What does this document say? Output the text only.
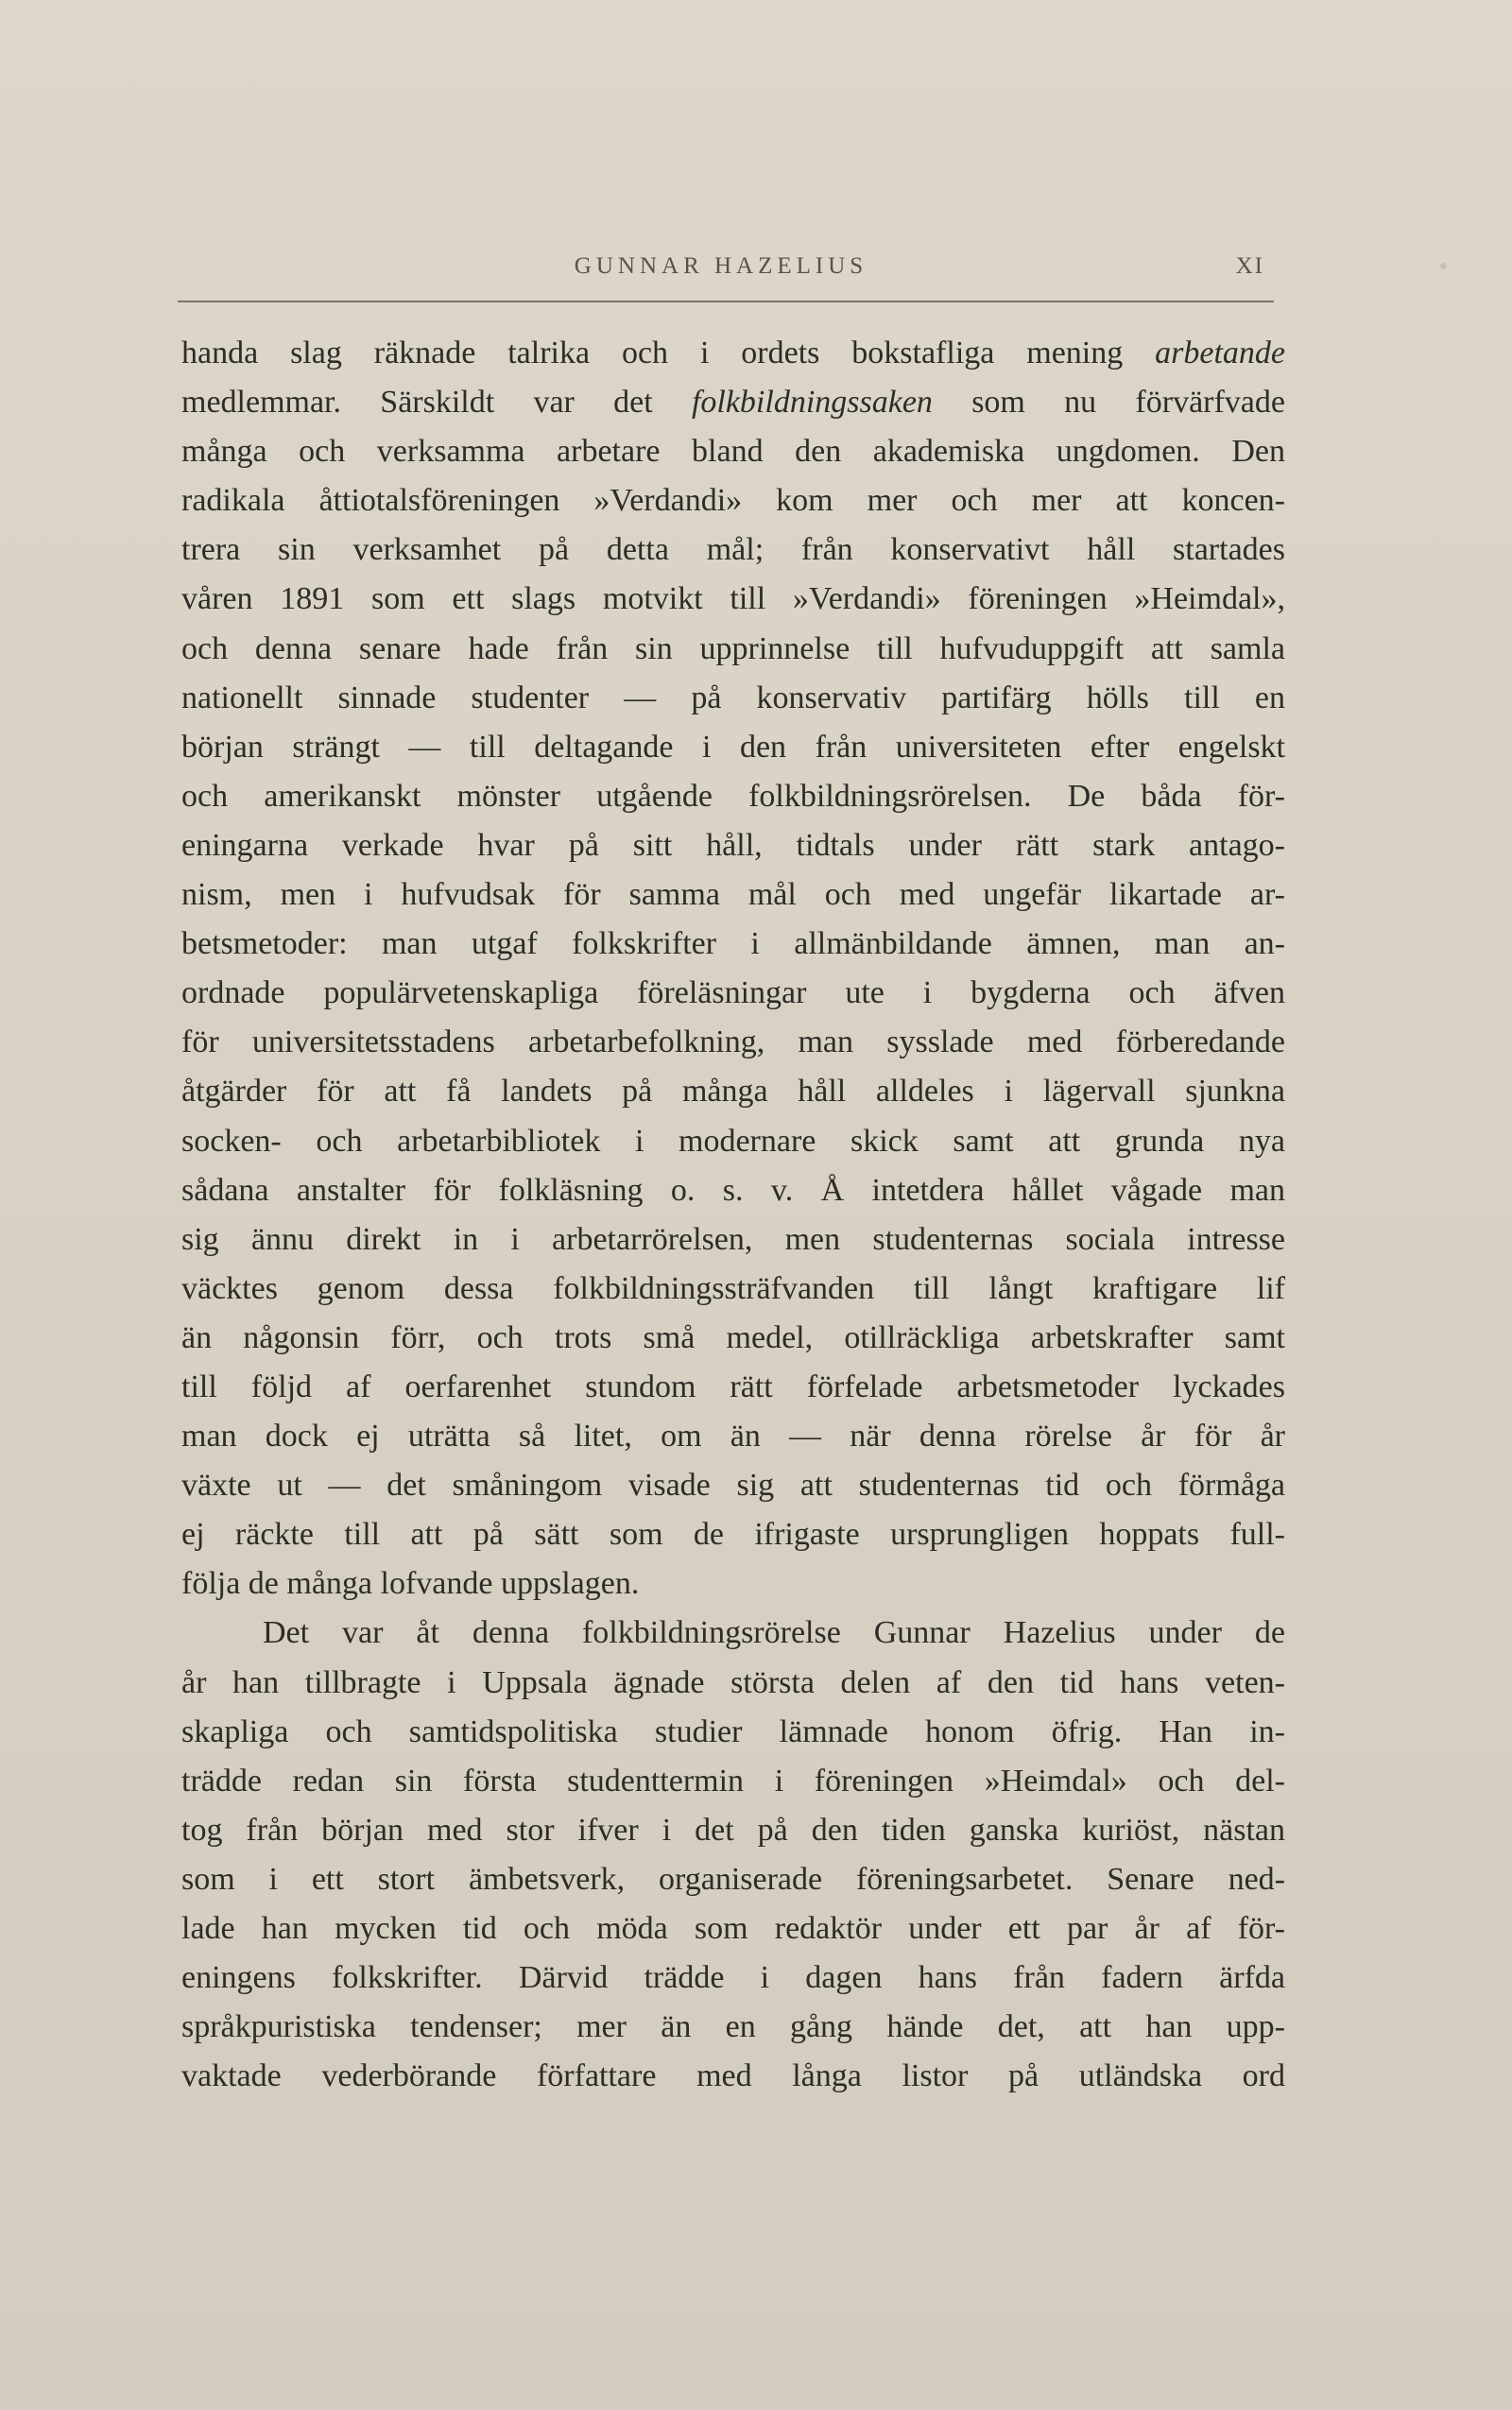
GUNNAR HAZELIUS	XI
handa slag räknade talrika och i ordets bokstafliga mening arbetande
medlemmar. Särskildt var det folkbildningssaken som nu förvärfvade
många och verksamma arbetare bland den akademiska ungdomen. Den
radikala åttiotalsföreningen »Verdandi» kom mer och mer att koncen-
trera sin verksamhet på detta mål; från konservativt håll startades
våren 1891 som ett slags motvikt till »Verdandi» föreningen »Heimdal»,
och denna senare hade från sin upprinnelse till hufvuduppgift att samla
nationellt sinnade studenter — på konservativ partifärg hölls till en
början strängt — till deltagande i den från universiteten efter engelskt
och amerikanskt mönster utgående folkbildningsrörelsen. De båda för-
eningarna verkade hvar på sitt håll, tidtals under rätt stark antago-
nism, men i hufvudsak för samma mål och med ungefär likartade ar-
betsmetoder: man utgaf folkskrifter i allmänbildande ämnen, man an-
ordnade populärvetenskapliga föreläsningar ute i bygderna och äfven
för universitetsstadens arbetarbefolkning, man sysslade med förberedande
åtgärder för att få landets på många håll alldeles i lägervall sjunkna
socken- och arbetarbibliotek i modernare skick samt att grunda nya
sådana anstalter för folkläsning o. s. v. Å intetdera hållet vågade man
sig ännu direkt in i arbetarrörelsen, men studenternas sociala intresse
väcktes genom dessa folkbildningssträfvanden till långt kraftigare lif
än någonsin förr, och trots små medel, otillräckliga arbetskrafter samt
till följd af oerfarenhet stundom rätt förfelade arbetsmetoder lyckades
man dock ej uträtta så litet, om än — när denna rörelse år för år
växte ut — det småningom visade sig att studenternas tid och förmåga
ej räckte till att på sätt som de ifrigaste ursprungligen hoppats full-
följa de många lofvande uppslagen.
Det var åt denna folkbildningsrörelse Gunnar Hazelius under de
år han tillbragte i Uppsala ägnade största delen af den tid hans veten-
skapliga och samtidspolitiska studier lämnade honom öfrig. Han in-
trädde redan sin första studenttermin i föreningen »Heimdal» och del-
tog från början med stor ifver i det på den tiden ganska kuriöst, nästan
som i ett stort ämbetsverk, organiserade föreningsarbetet. Senare ned-
lade han mycken tid och möda som redaktör under ett par år af för-
eningens folkskrifter. Därvid trädde i dagen hans från fadern ärfda
språkpuristiska tendenser; mer än en gång hände det, att han upp-
vaktade vederbörande författare med långa listor på utländska ord
